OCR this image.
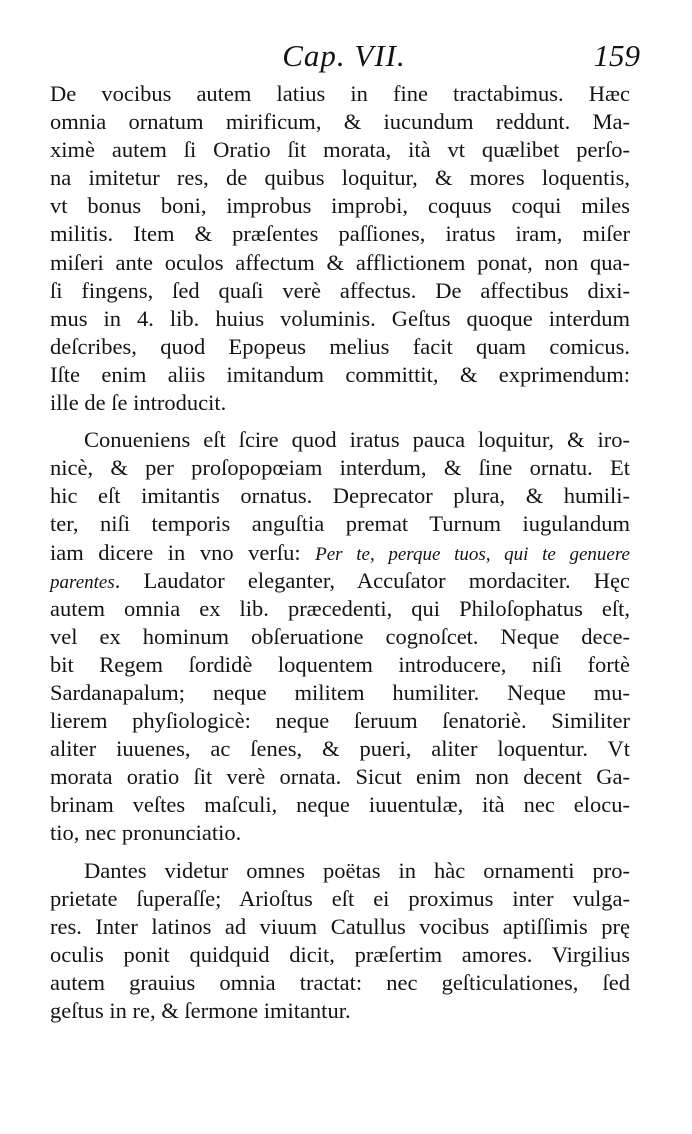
Cap. VII.	159
De vocibus autem latius in fine tractabimus. Hæc
omnia ornatum mirificum, & iucundum reddunt. Ma-
ximè autem ſi Oratio ſit morata, ità vt quælibet perſo-
na imitetur res, de quibus loquitur, & mores loquentis,
vt bonus boni, improbus improbi, coquus coqui miles
militis. Item & præſentes paſſiones, iratus iram, miſer
miſeri ante oculos affectum & afflictionem ponat, non qua-
ſi fingens, ſed quaſi verè affectus. De affectibus dixi-
mus in 4. lib. huius voluminis. Geſtus quoque interdum
deſcribes, quod Epopeus melius facit quam comicus.
Iſte enim aliis imitandum committit, & exprimendum:
ille de ſe introducit.
Conueniens eſt ſcire quod iratus pauca loquitur, & iro-
nicè, & per proſopopœiam interdum, & ſine ornatu. Et
hic eſt imitantis ornatus. Deprecator plura, & humili-
ter, niſi temporis anguſtia premat Turnum iugulandum
iam dicere in vno verſu: Per te, perque tuos, qui te genuere
parentes. Laudator eleganter, Accuſator mordaciter. Hęc
autem omnia ex lib. præcedenti, qui Philoſophatus eſt,
vel ex hominum obſeruatione cognoſcet. Neque dece-
bit Regem ſordidè loquentem introducere, niſi fortè
Sardanapalum; neque militem humiliter. Neque mu-
lierem phyſiologicè: neque ſeruum ſenatoriè. Similiter
aliter iuuenes, ac ſenes, & pueri, aliter loquentur. Vt
morata oratio ſit verè ornata. Sicut enim non decent Ga-
brinam veſtes maſculi, neque iuuentulæ, ità nec elocu-
tio, nec pronunciatio.
Dantes videtur omnes poëtas in hàc ornamenti pro-
prietate ſuperaſſe; Arioſtus eſt ei proximus inter vulga-
res. Inter latinos ad viuum Catullus vocibus aptiſſimis prę
oculis ponit quidquid dicit, præſertim amores. Virgilius
autem grauius omnia tractat: nec geſticulationes, ſed
geſtus in re, & ſermone imitantur.
